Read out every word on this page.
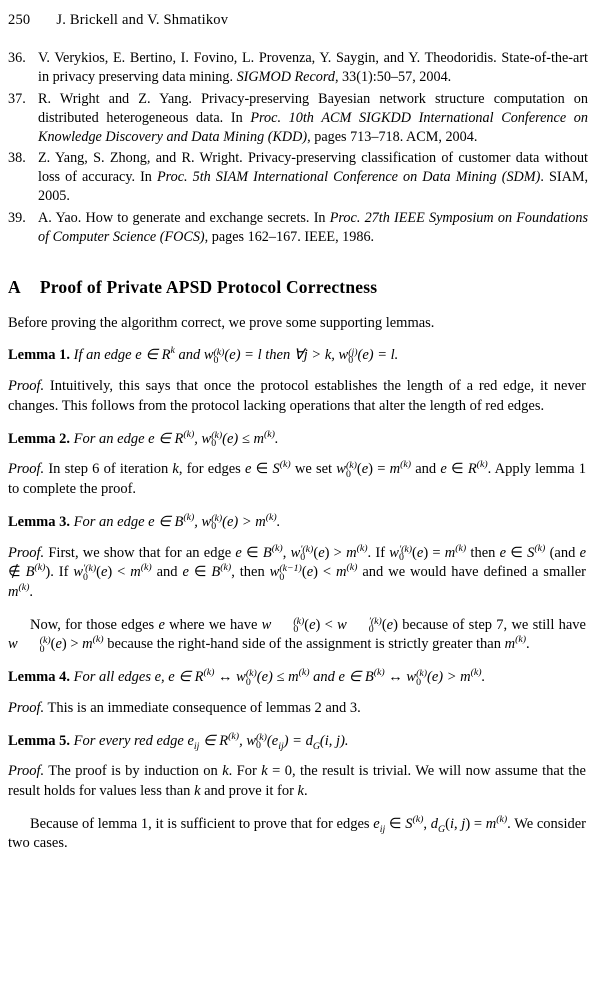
250 J. Brickell and V. Shmatikov
36. V. Verykios, E. Bertino, I. Fovino, L. Provenza, Y. Saygin, and Y. Theodoridis. State-of-the-art in privacy preserving data mining. SIGMOD Record, 33(1):50–57, 2004.
37. R. Wright and Z. Yang. Privacy-preserving Bayesian network structure computation on distributed heterogeneous data. In Proc. 10th ACM SIGKDD International Conference on Knowledge Discovery and Data Mining (KDD), pages 713–718. ACM, 2004.
38. Z. Yang, S. Zhong, and R. Wright. Privacy-preserving classification of customer data without loss of accuracy. In Proc. 5th SIAM International Conference on Data Mining (SDM). SIAM, 2005.
39. A. Yao. How to generate and exchange secrets. In Proc. 27th IEEE Symposium on Foundations of Computer Science (FOCS), pages 162–167. IEEE, 1986.
A Proof of Private APSD Protocol Correctness

Before proving the algorithm correct, we prove some supporting lemmas.

Lemma 1. If an edge e ∈ $R^k$ and w (k)
0 (e) = l then ∀j > k, w (j)
0 (e) = l.

Proof. Intuitively, this says that once the protocol establishes the length of a red edge, it never changes. This follows from the protocol lacking operations that alter the length of red edges.

Lemma 2. For an edge e ∈ $R^{(k)}$, w (k)
0 $(e) \le m^{(k)}$.

Proof. In step 6 of iteration k, for edges e ∈ $S^{(k)}$ we set w (k)
0 $(e) = m^{(k)}$ and e ∈ $R^{(k)}$. Apply lemma 1 to complete the proof.

Lemma 3. For an edge e ∈ $B^{(k)}$, w (k)
0 $(e) > m^{(k)}$.

Proof. First, we show that for an edge e ∈ $B^{(k)}$, w ′(k)
0 $(e) > m^{(k)}$. If w ′(k)
0 $(e) = m^{(k)}$ then e ∈ $S^{(k)}$ (and e ∉ $B^{(k)}$). If w ′(k)
0 $(e) < m^{(k)}$ and e ∈ $B^{(k)}$, then w (k−1)
0	$(e) < m^{(k)}$ and we would have defined a smaller $m^{(k)}$.

Now, for those edges e where we have w	(k)
0 (e) < w	′(k)
0 (e) because of step 7, we still have w	(k)
0 $(e) > m^{(k)}$ because the right-hand side of the assignment is strictly greater than $m^{(k)}$.

Lemma 4. For all edges e, e ∈ $R^{(k)}$ ↔ w (k)
0 $(e) \le m^{(k)}$ and e ∈ $B^{(k)}$ ↔ w (k)
0 $(e) > m^{(k)}$.

Proof. This is an immediate consequence of lemmas 2 and 3.

Lemma 5. For every red edge $e_{ij}$ ∈ $R^{(k)}$, w (k)
0 $(e_{ij}) = d_G(i$, j).

Proof. The proof is by induction on k. For k = 0, the result is trivial. We will now assume that the result holds for values less than k and prove it for k.

Because of lemma 1, it is sufficient to prove that for edges $e_{ij}$ ∈ $S^{(k)}$, $d_G(i$, $j) = m^{(k)}$. We consider two cases.
